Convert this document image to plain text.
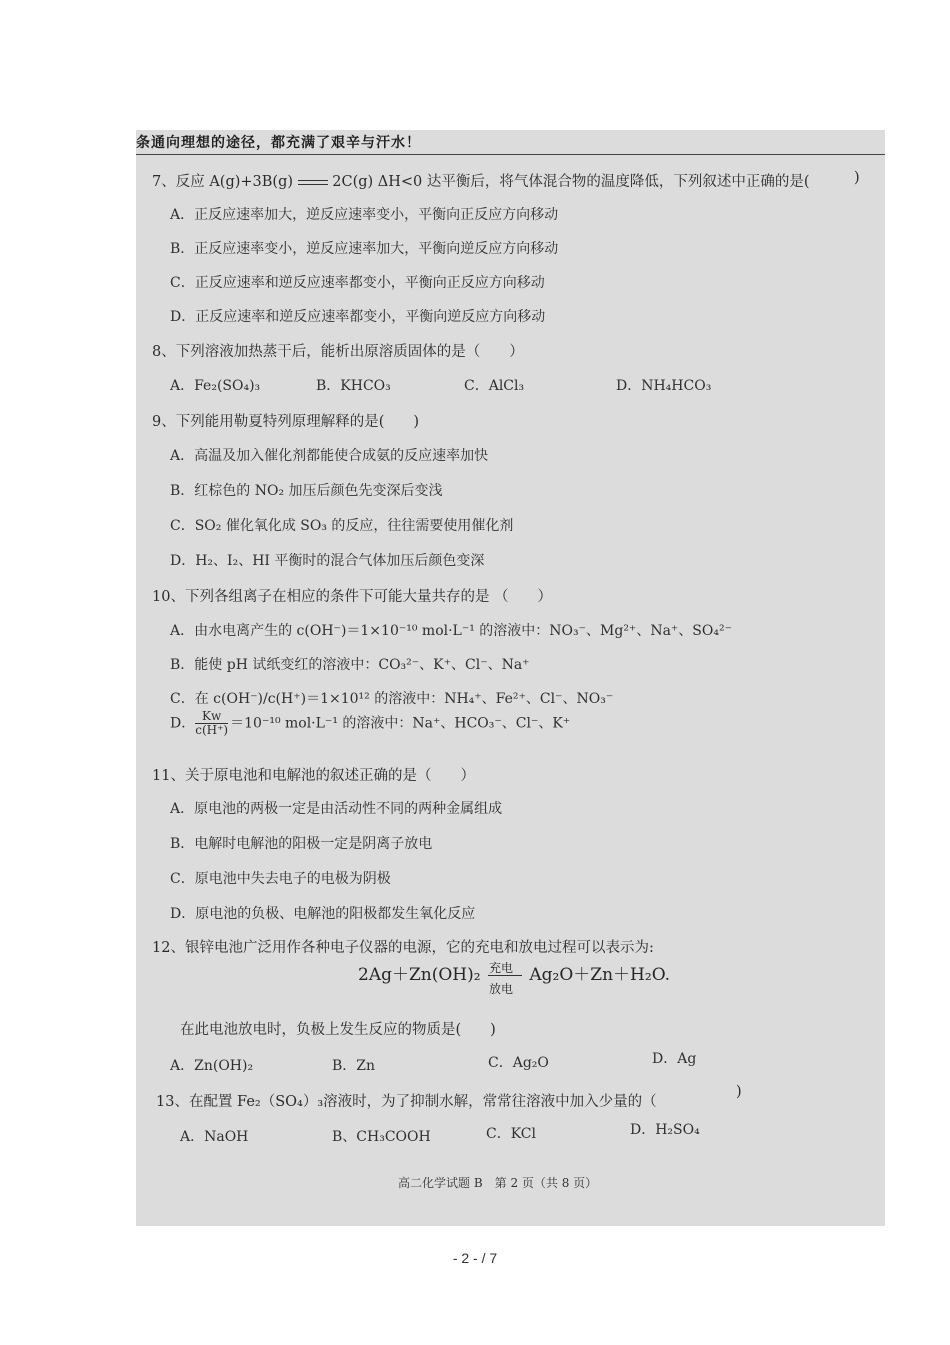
条通向理想的途径，都充满了艰辛与汗水！
7、反应 A(g)+3B(g)	2C(g) ΔH<0 达平衡后，将气体混合物的温度降低，下列叙述中正确的是(	)
A．正反应速率加大，逆反应速率变小，平衡向正反应方向移动
B．正反应速率变小，逆反应速率加大，平衡向逆反应方向移动
C．正反应速率和逆反应速率都变小，平衡向正反应方向移动
D．正反应速率和逆反应速率都变小，平衡向逆反应方向移动
8、下列溶液加热蒸干后，能析出原溶质固体的是（　　）
A．Fe₂(SO₄)₃	B．KHCO₃	C．AlCl₃	D．NH₄HCO₃
9、下列能用勒夏特列原理解释的是(　　)
A．高温及加入催化剂都能使合成氨的反应速率加快
B．红棕色的 NO₂ 加压后颜色先变深后变浅
C．SO₂ 催化氧化成 SO₃ 的反应，往往需要使用催化剂
D．H₂、I₂、HI 平衡时的混合气体加压后颜色变深
10、下列各组离子在相应的条件下可能大量共存的是 （　　）
A．由水电离产生的 c(OH⁻)＝1×10⁻¹⁰ mol·L⁻¹ 的溶液中：NO₃⁻、Mg²⁺、Na⁺、SO₄²⁻
B．能使 pH 试纸变红的溶液中：CO₃²⁻、K⁺、Cl⁻、Na⁺
C．在 c(OH⁻)/c(H⁺)＝1×10¹² 的溶液中：NH₄⁺、Fe²⁺、Cl⁻、NO₃⁻
D． $\frac{Kw}{c(H^+)} =10^{-10}$ mol·L⁻¹ 的溶液中：Na⁺、HCO₃⁻、Cl⁻、K⁺
11、关于原电池和电解池的叙述正确的是（　　）
A．原电池的两极一定是由活动性不同的两种金属组成
B．电解时电解池的阳极一定是阴离子放电
C．原电池中失去电子的电极为阴极
D．原电池的负极、电解池的阳极都发生氧化反应
12、银锌电池广泛用作各种电子仪器的电源，它的充电和放电过程可以表示为:
2Ag＋Zn(OH)₂ 充电
放电
Ag₂O＋Zn＋H₂O.
在此电池放电时，负极上发生反应的物质是(　　)
A．Zn(OH)₂	B．Zn	C．Ag₂O	D．Ag
13、在配置 Fe₂（SO₄）₃溶液时，为了抑制水解，常常往溶液中加入少量的（
)
A．NaOH	B、CH₃COOH	C．KCl	D．H₂SO₄
高二化学试题 B　第 2 页（共 8 页）
- 2 - / 7
